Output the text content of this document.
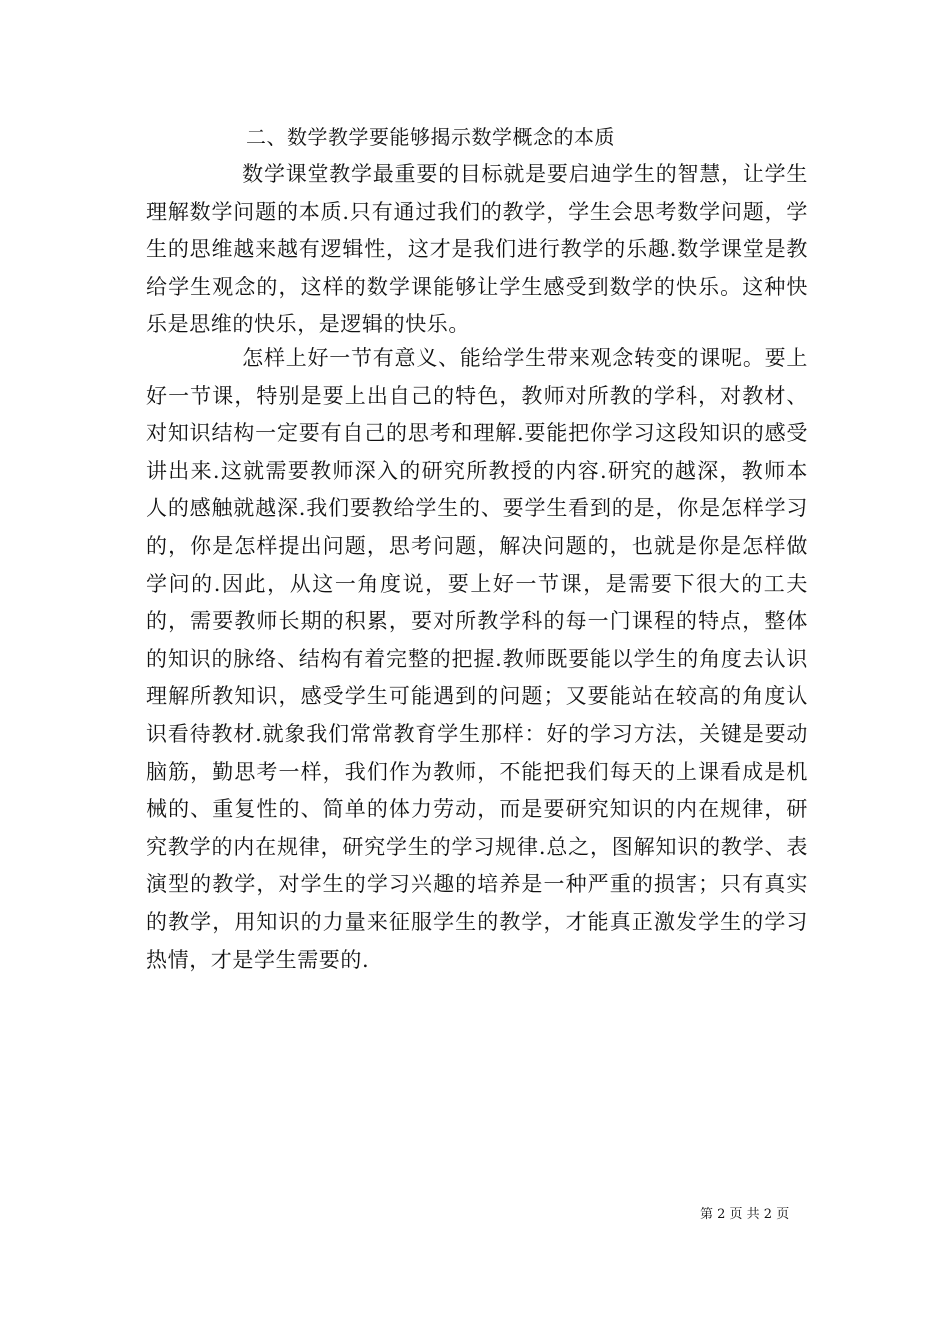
二、数学教学要能够揭示数学概念的本质

数学课堂教学最重要的目标就是要启迪学生的智慧，让学生理解数学问题的本质.只有通过我们的教学，学生会思考数学问题，学生的思维越来越有逻辑性，这才是我们进行教学的乐趣.数学课堂是教给学生观念的，这样的数学课能够让学生感受到数学的快乐。这种快乐是思维的快乐，是逻辑的快乐。

怎样上好一节有意义、能给学生带来观念转变的课呢。要上好一节课，特别是要上出自己的特色，教师对所教的学科，对教材、对知识结构一定要有自己的思考和理解.要能把你学习这段知识的感受讲出来.这就需要教师深入的研究所教授的内容.研究的越深，教师本人的感触就越深.我们要教给学生的、要学生看到的是，你是怎样学习的，你是怎样提出问题，思考问题，解决问题的，也就是你是怎样做学问的.因此，从这一角度说，要上好一节课，是需要下很大的工夫的，需要教师长期的积累，要对所教学科的每一门课程的特点，整体的知识的脉络、结构有着完整的把握.教师既要能以学生的角度去认识理解所教知识，感受学生可能遇到的问题；又要能站在较高的角度认识看待教材.就象我们常常教育学生那样：好的学习方法，关键是要动脑筋，勤思考一样，我们作为教师，不能把我们每天的上课看成是机械的、重复性的、简单的体力劳动，而是要研究知识的内在规律，研究教学的内在规律，研究学生的学习规律.总之，图解知识的教学、表演型的教学，对学生的学习兴趣的培养是一种严重的损害；只有真实的教学，用知识的力量来征服学生的教学，才能真正激发学生的学习热情，才是学生需要的.

第 2 页 共 2 页
